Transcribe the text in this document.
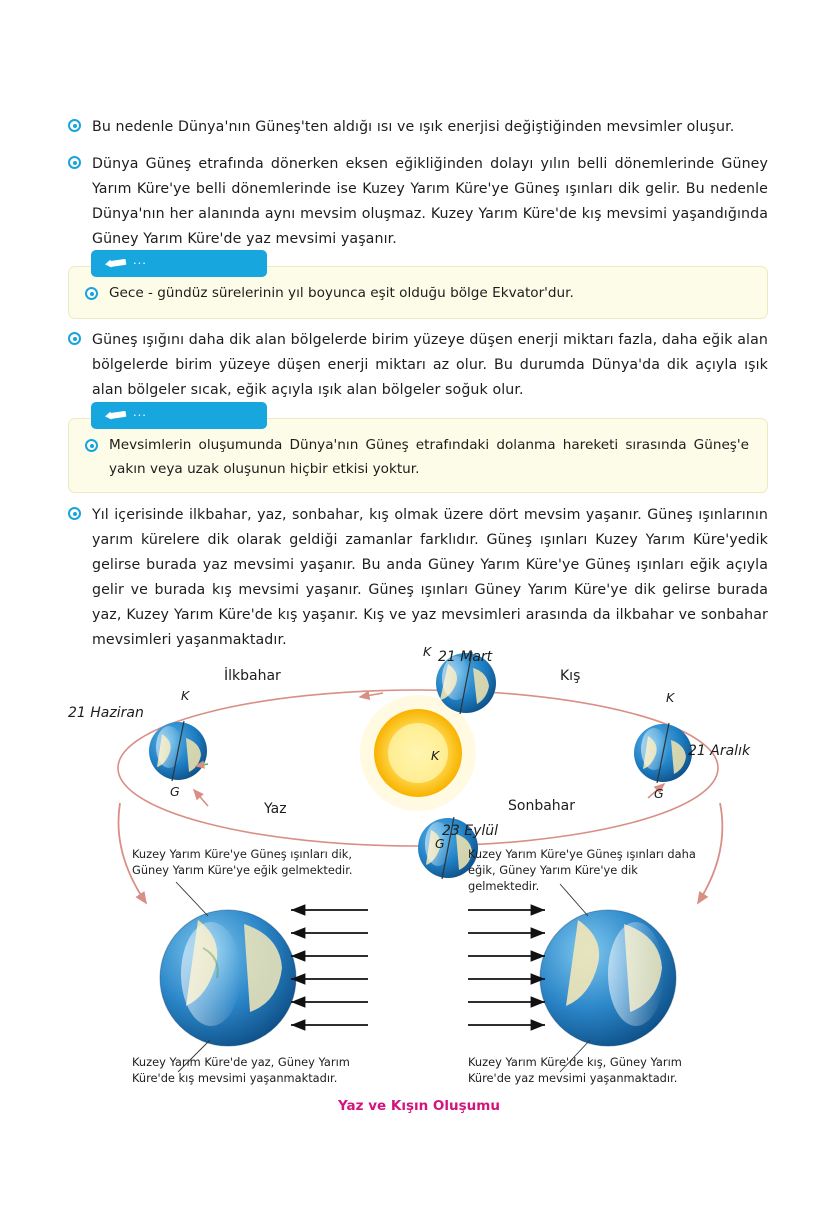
Bu nedenle Dünya'nın Güneş'ten aldığı ısı ve ışık enerjisi değiştiğinden mevsimler oluşur.
Dünya Güneş etrafında dönerken eksen eğikliğinden dolayı yılın belli dönemlerinde Güney Yarım Küre'ye belli dönemlerinde ise Kuzey Yarım Küre'ye Güneş ışınları dik gelir. Bu nedenle Dünya'nın her alanında aynı mevsim oluşmaz. Kuzey Yarım Küre'de kış mevsimi yaşandığında Güney Yarım Küre'de yaz mevsimi yaşanır.
...
Gece - gündüz sürelerinin yıl boyunca eşit olduğu bölge Ekvator'dur.
Güneş ışığını daha dik alan bölgelerde birim yüzeye düşen enerji miktarı fazla, daha eğik alan bölgelerde birim yüzeye düşen enerji miktarı az olur. Bu durumda Dünya'da dik açıyla ışık alan bölgeler sıcak, eğik açıyla ışık alan bölgeler soğuk olur.
...
Mevsimlerin oluşumunda Dünya'nın Güneş etrafındaki dolanma hareketi sırasında Güneş'e yakın veya uzak oluşunun hiçbir etkisi yoktur.
Yıl içerisinde ilkbahar, yaz, sonbahar, kış olmak üzere dört mevsim yaşanır. Güneş ışınlarının yarım kürelere dik olarak geldiği zamanlar farklıdır. Güneş ışınları Kuzey Yarım Küre'yedik gelirse burada yaz mevsimi yaşanır. Bu anda Güney Yarım Küre'ye Güneş ışınları eğik açıyla gelir ve burada kış mevsimi yaşanır. Güneş ışınları Güney Yarım Küre'ye dik gelirse burada yaz, Kuzey Yarım Küre'de kış yaşanır. Kış ve yaz mevsimleri arasında da ilkbahar ve sonbahar mevsimleri yaşanmaktadır.
İlkbahar	Kış
Yaz	Sonbahar
21 Mart
21 Haziran
23 Eylül
21 Aralık
K
G
K
G
K
G
K
Kuzey Yarım Küre'ye Güneş ışınları dik, Güney Yarım Küre'ye eğik gelmektedir.
Kuzey Yarım Küre'ye Güneş ışınları daha eğik, Güney Yarım Küre'ye dik gelmektedir.
Kuzey Yarım Küre'de yaz, Güney Yarım Küre'de kış mevsimi yaşanmaktadır.
Kuzey Yarım Küre'de kış, Güney Yarım Küre'de yaz mevsimi yaşanmaktadır.
Yaz ve Kışın Oluşumu
